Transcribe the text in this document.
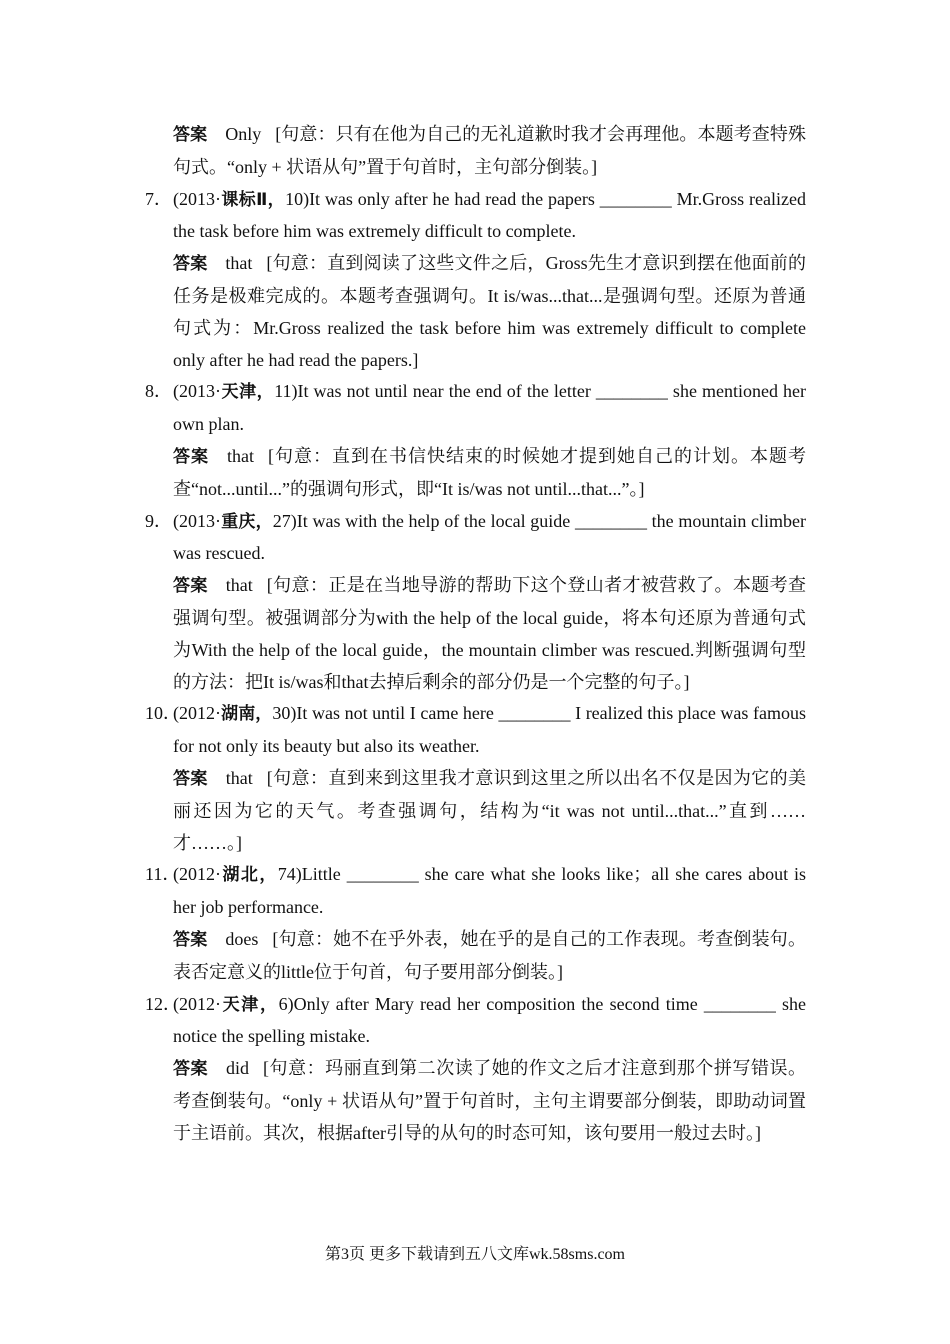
答案 Only [句意：只有在他为自己的无礼道歉时我才会再理他。本题考查特殊句式。“only + 状语从句”置于句首时，主句部分倒装。]

7．(2013·课标Ⅱ，10)It was only after he had read the papers ________ Mr.Gross realized the task before him was extremely difficult to complete.

答案 that [句意：直到阅读了这些文件之后，Gross先生才意识到摆在他面前的任务是极难完成的。本题考查强调句。It is/was...that...是强调句型。还原为普通句式为：Mr.Gross realized the task before him was extremely difficult to complete only after he had read the papers.]

8．(2013·天津，11)It was not until near the end of the letter ________ she mentioned her own plan.

答案 that [句意：直到在书信快结束的时候她才提到她自己的计划。本题考查“not...until...”的强调句形式，即“It is/was not until...that...”。]

9．(2013·重庆，27)It was with the help of the local guide ________ the mountain climber was rescued.

答案 that [句意：正是在当地导游的帮助下这个登山者才被营救了。本题考查强调句型。被强调部分为with the help of the local guide，将本句还原为普通句式为With the help of the local guide，the mountain climber was rescued.判断强调句型的方法：把It is/was和that去掉后剩余的部分仍是一个完整的句子。]

10．(2012·湖南，30)It was not until I came here ________ I realized this place was famous for not only its beauty but also its weather.

答案 that [句意：直到来到这里我才意识到这里之所以出名不仅是因为它的美丽还因为它的天气。考查强调句，结构为“it was not until...that...”直到……才……。]

11．(2012·湖北，74)Little ________ she care what she looks like；all she cares about is her job performance.

答案 does [句意：她不在乎外表，她在乎的是自己的工作表现。考查倒装句。表否定意义的little位于句首，句子要用部分倒装。]

12．(2012·天津，6)Only after Mary read her composition the second time ________ she notice the spelling mistake.

答案 did [句意：玛丽直到第二次读了她的作文之后才注意到那个拼写错误。考查倒装句。“only + 状语从句”置于句首时，主句主谓要部分倒装，即助动词置于主语前。其次，根据after引导的从句的时态可知，该句要用一般过去时。]

第3页 更多下载请到五八文库wk.58sms.com
